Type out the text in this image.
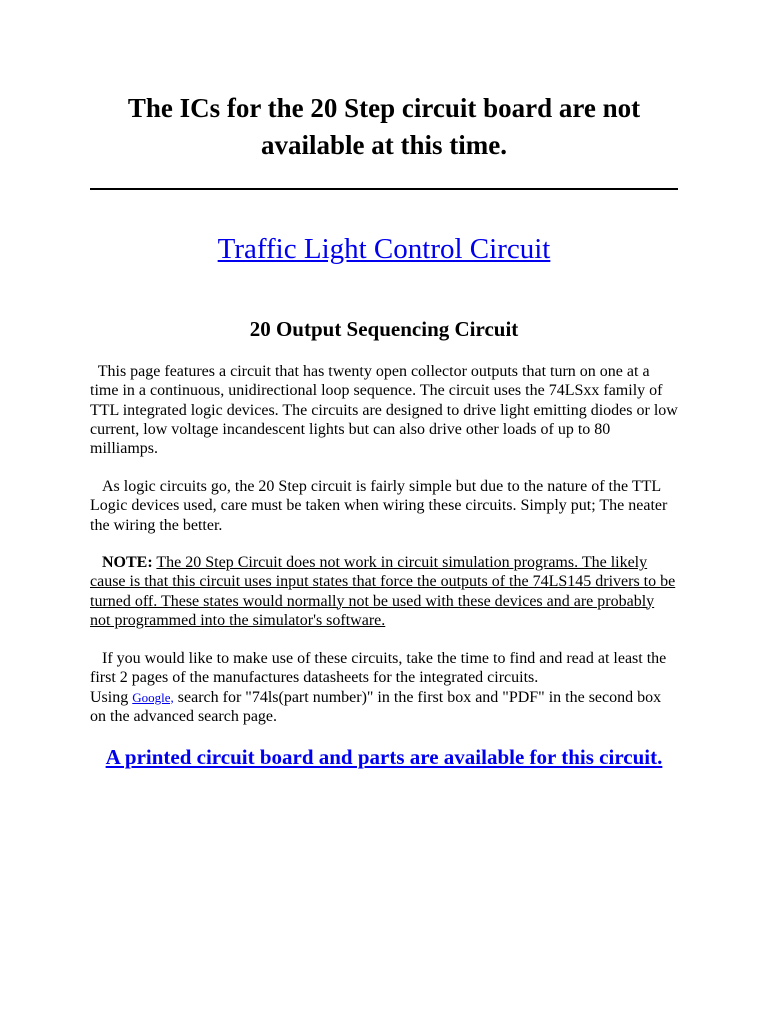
The ICs for the 20 Step circuit board are not available at this time.
Traffic Light Control Circuit
20 Output Sequencing Circuit

This page features a circuit that has twenty open collector outputs that turn on one at a time in a continuous, unidirectional loop sequence. The circuit uses the 74LSxx family of TTL integrated logic devices. The circuits are designed to drive light emitting diodes or low current, low voltage incandescent lights but can also drive other loads of up to 80 milliamps.

As logic circuits go, the 20 Step circuit is fairly simple but due to the nature of the TTL Logic devices used, care must be taken when wiring these circuits. Simply put; The neater the wiring the better.

NOTE: The 20 Step Circuit does not work in circuit simulation programs. The likely cause is that this circuit uses input states that force the outputs of the 74LS145 drivers to be turned off. These states would normally not be used with these devices and are probably not programmed into the simulator's software.

If you would like to make use of these circuits, take the time to find and read at least the first 2 pages of the manufactures datasheets for the integrated circuits.
Using Google, search for "74ls(part number)" in the first box and "PDF" in the second box on the advanced search page.

A printed circuit board and parts are available for this circuit.
